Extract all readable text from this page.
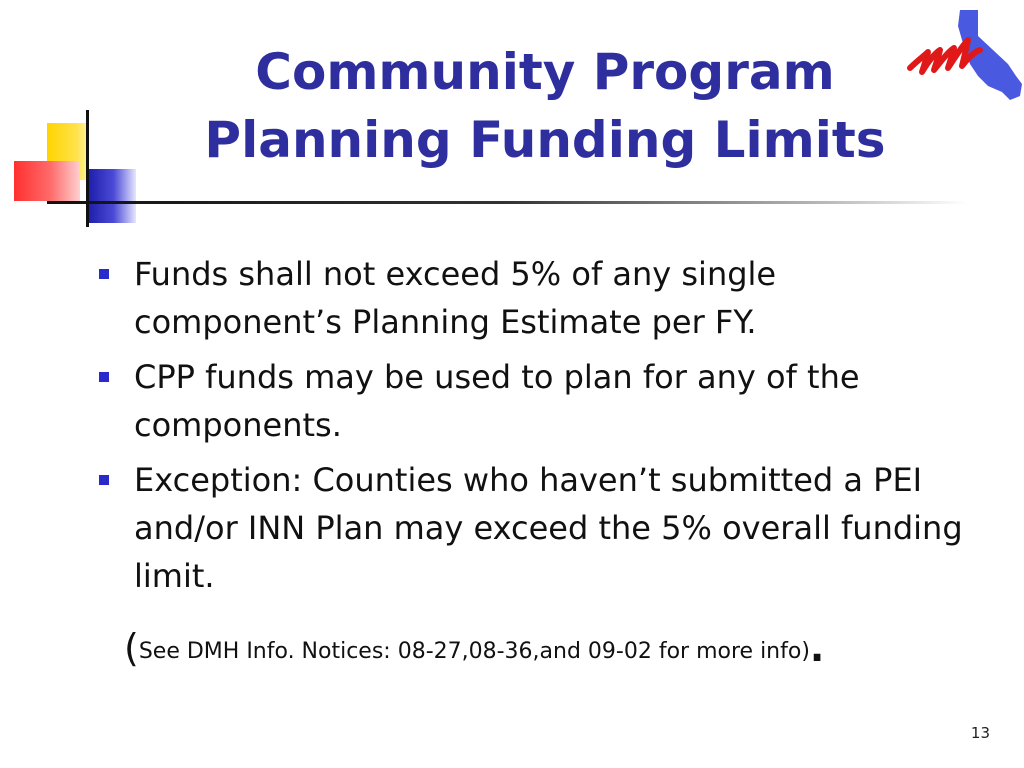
Community Program
Planning Funding Limits
Funds shall not exceed 5% of any single component’s Planning Estimate per FY.
CPP funds may be used to plan for any of the components.
Exception: Counties who haven’t submitted a PEI and/or INN Plan may exceed the 5% overall funding limit.
(See DMH Info. Notices: 08-27,08-36,and 09-02 for more info).
13
